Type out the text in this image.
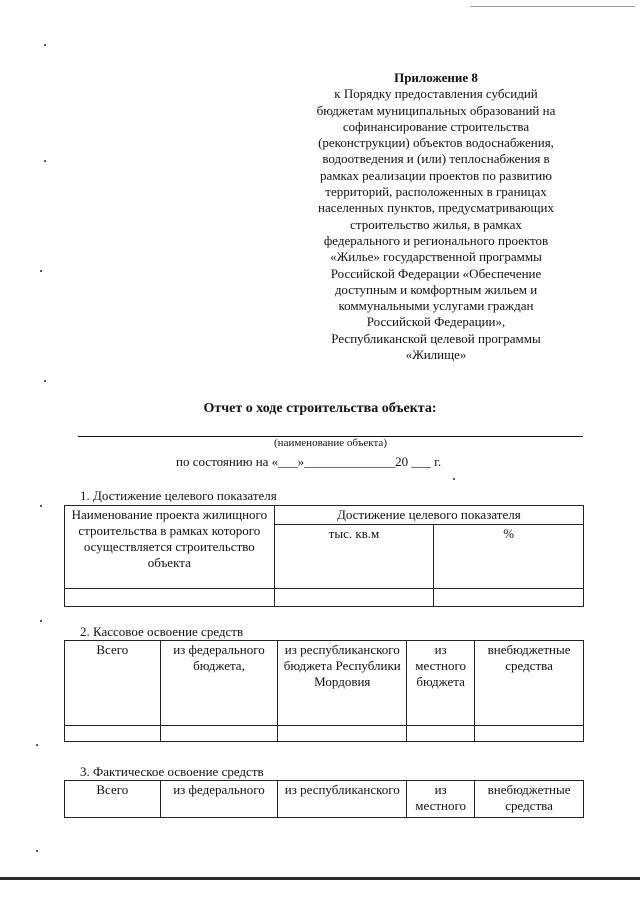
Приложение 8
к Порядку предоставления субсидий
бюджетам муниципальных образований на
софинансирование строительства
(реконструкции) объектов водоснабжения,
водоотведения и (или) теплоснабжения в
рамках реализации проектов по развитию
территорий, расположенных в границах
населенных пунктов, предусматривающих
строительство жилья, в рамках
федерального и регионального проектов
«Жилье» государственной программы
Российской Федерации «Обеспечение
доступным и комфортным жильем и
коммунальными услугами граждан
Российской Федерации»,
Республиканской целевой программы
«Жилище»
Отчет о ходе строительства объекта:
(наименование объекта)
по состоянию на «___»______________20 ___ г.
1. Достижение целевого показателя
Наименование проекта жилищного строительства в рамках которого осуществляется строительство объекта	Достижение целевого показателя	
	тыс. кв.м	%

2. Кассовое освоение средств
Всего	из федерального бюджета,	из республиканского бюджета Республики Мордовия	из местного бюджета	внебюджетные средства

3. Фактическое освоение средств
Всего	из федерального	из республиканского	из местного	внебюджетные средства
